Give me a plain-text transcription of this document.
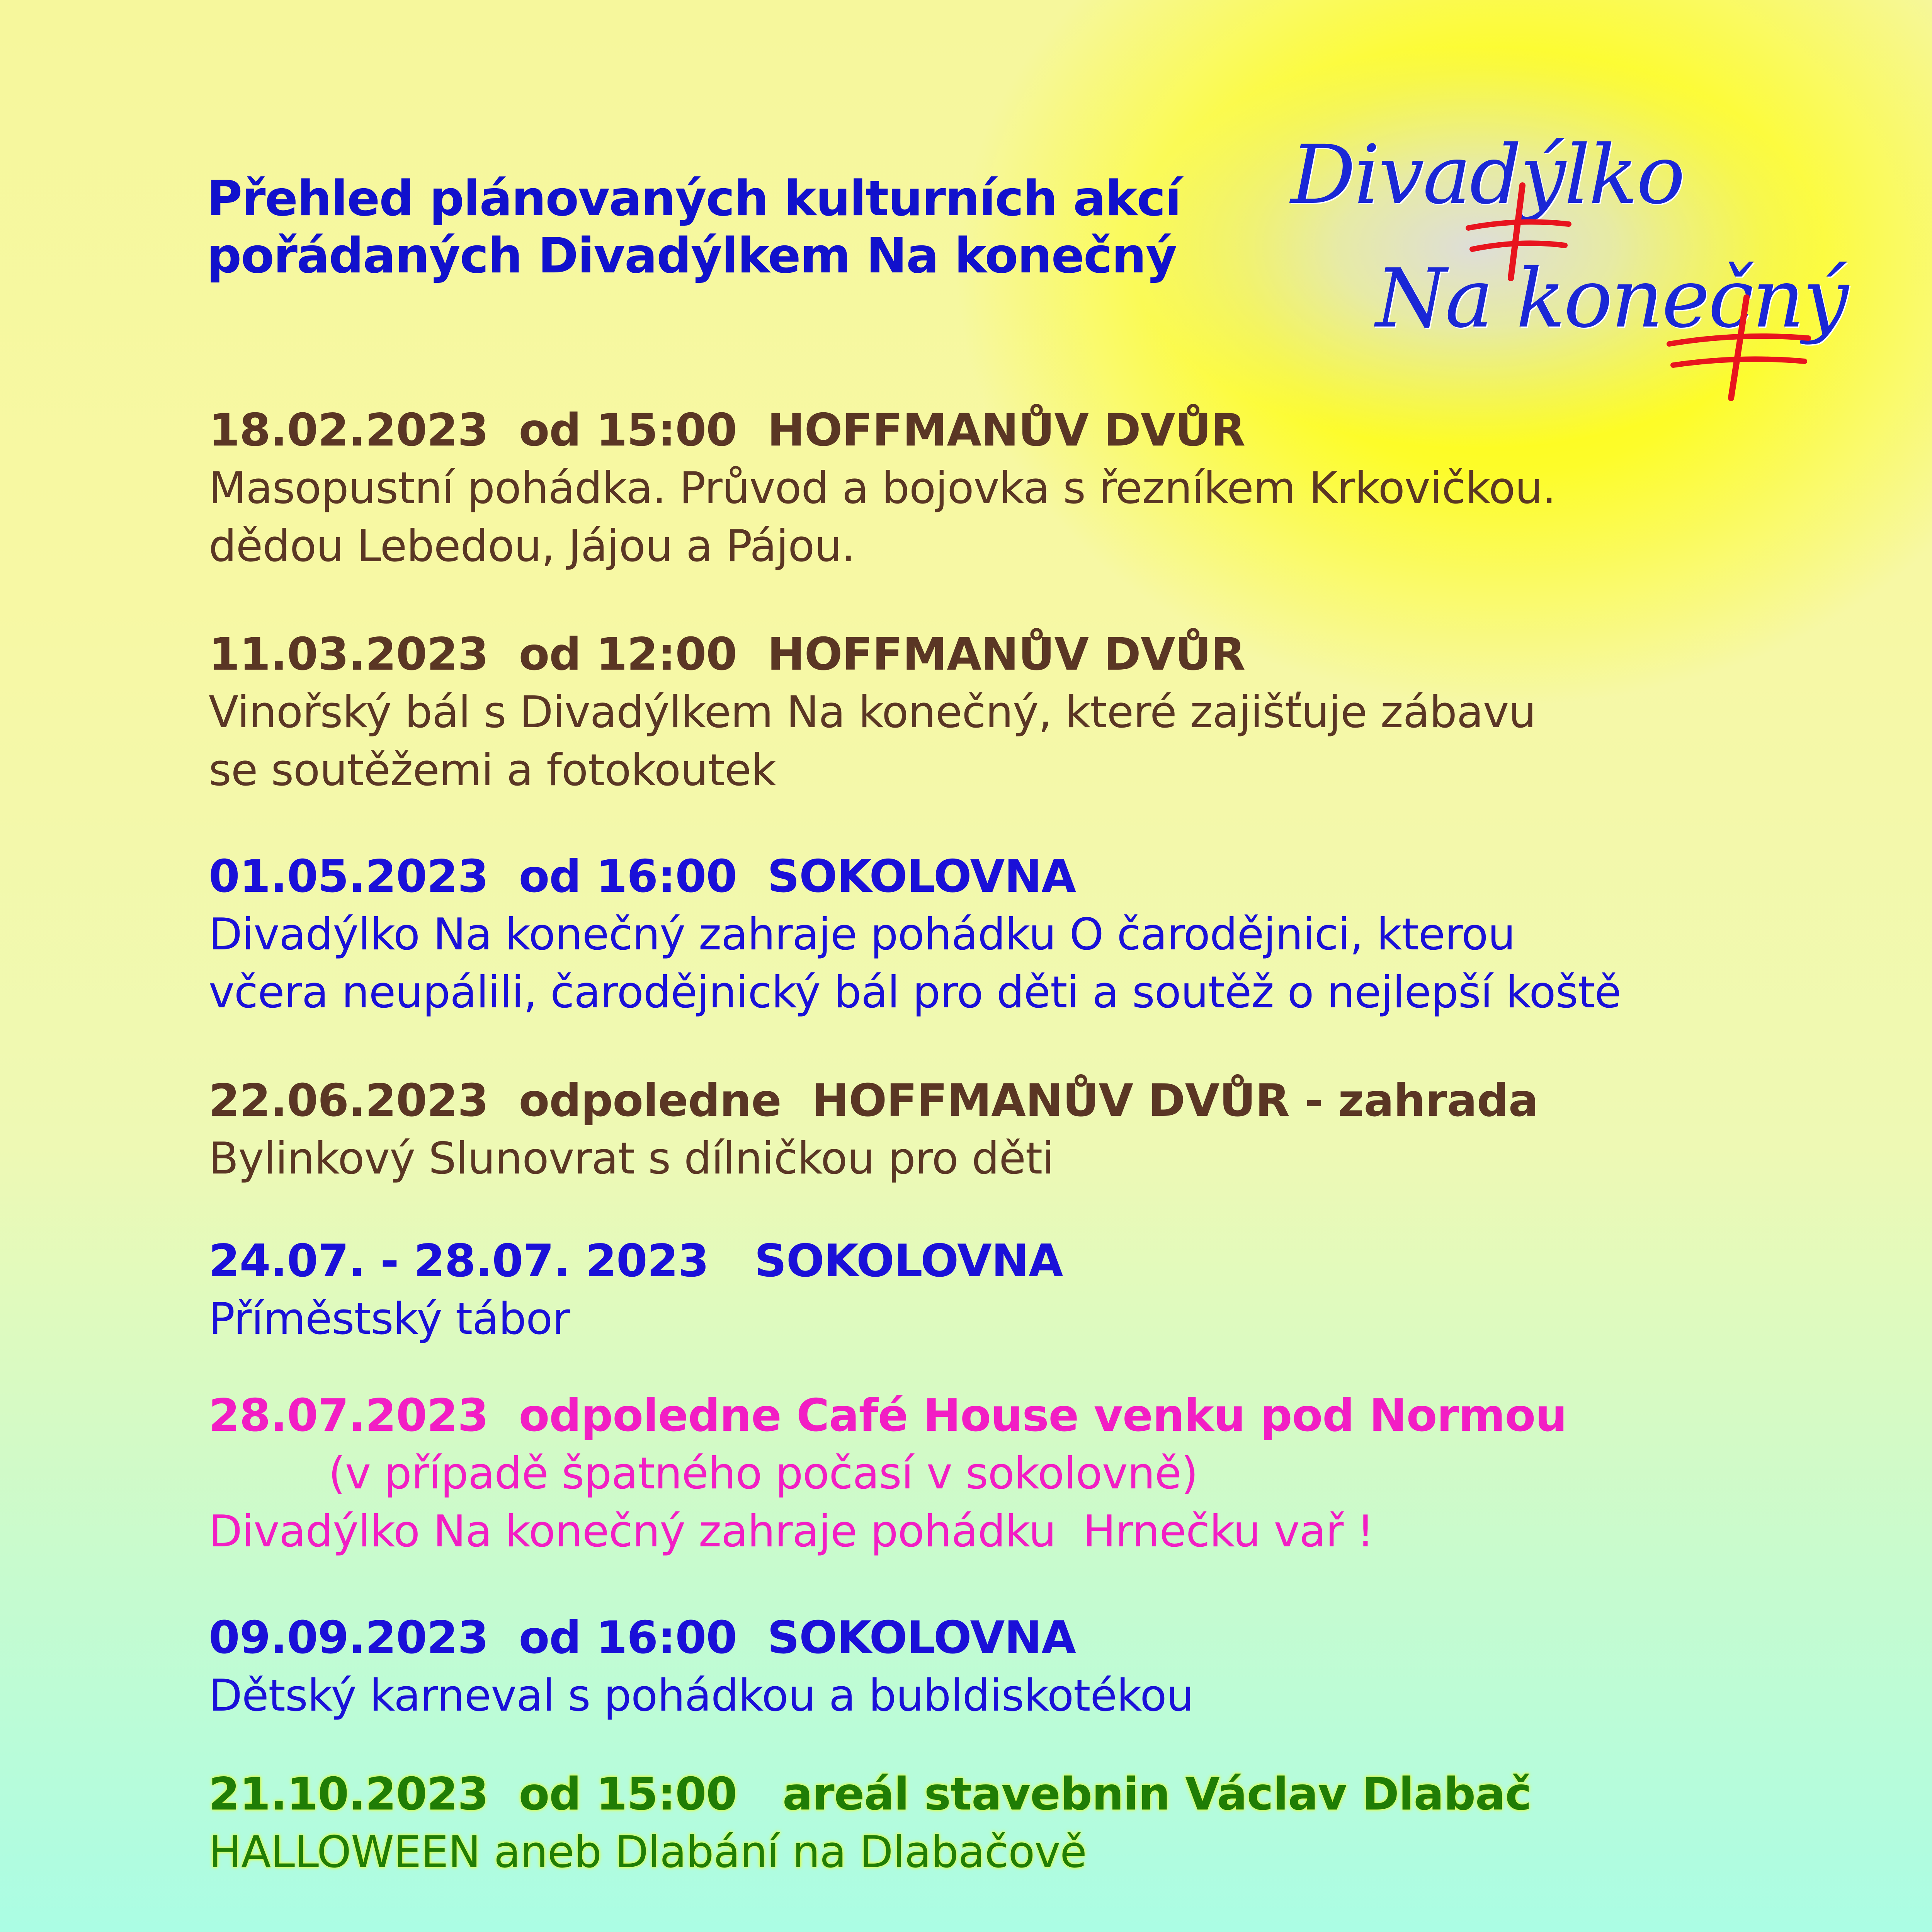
Přehled plánovaných kulturních akcí
pořádaných Divadýlkem Na konečný
Divadýlko
Na konečný
18.02.2023  od 15:00  HOFFMANŮV DVŮR
Masopustní pohádka. Průvod a bojovka s řezníkem Krkovičkou.
dědou Lebedou, Jájou a Pájou.
11.03.2023  od 12:00  HOFFMANŮV DVŮR
Vinořský bál s Divadýlkem Na konečný, které zajišťuje zábavu
se soutěžemi a fotokoutek
01.05.2023  od 16:00  SOKOLOVNA
Divadýlko Na konečný zahraje pohádku O čarodějnici, kterou
včera neupálili, čarodějnický bál pro děti a soutěž o nejlepší koště
22.06.2023  odpoledne  HOFFMANŮV DVŮR - zahrada
Bylinkový Slunovrat s dílničkou pro děti
24.07. - 28.07. 2023   SOKOLOVNA
Příměstský tábor
28.07.2023  odpoledne Café House venku pod Normou
(v případě špatného počasí v sokolovně)
Divadýlko Na konečný zahraje pohádku  Hrnečku vař !
09.09.2023  od 16:00  SOKOLOVNA
Dětský karneval s pohádkou a bubldiskotékou
21.10.2023  od 15:00   areál stavebnin Václav Dlabač
HALLOWEEN aneb Dlabání na Dlabačově
